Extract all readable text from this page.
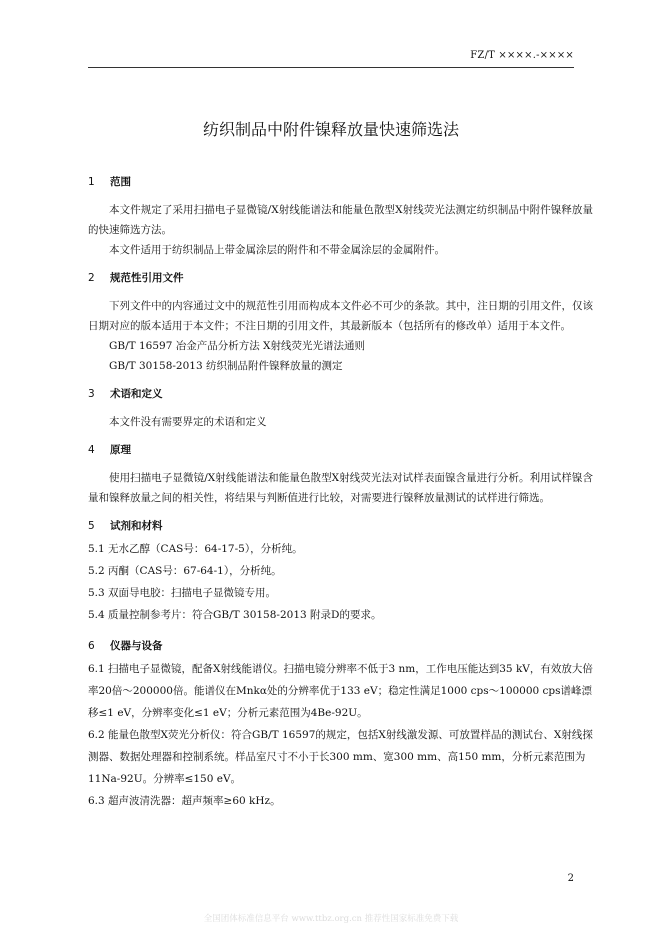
FZ/T ××××.-××××
纺织制品中附件镍释放量快速筛选法
1 范围

本文件规定了采用扫描电子显微镜/X射线能谱法和能量色散型X射线荧光法测定纺织制品中附件镍释放量的快速筛选方法。

本文件适用于纺织制品上带金属涂层的附件和不带金属涂层的金属附件。

2 规范性引用文件

下列文件中的内容通过文中的规范性引用而构成本文件必不可少的条款。其中，注日期的引用文件，仅该日期对应的版本适用于本文件；不注日期的引用文件，其最新版本（包括所有的修改单）适用于本文件。

GB/T 16597 冶金产品分析方法 X射线荧光光谱法通则

GB/T 30158-2013 纺织制品附件镍释放量的测定

3 术语和定义

本文件没有需要界定的术语和定义

4 原理

使用扫描电子显微镜/X射线能谱法和能量色散型X射线荧光法对试样表面镍含量进行分析。利用试样镍含量和镍释放量之间的相关性，将结果与判断值进行比较，对需要进行镍释放量测试的试样进行筛选。

5 试剂和材料

5.1 无水乙醇（CAS号：64-17-5），分析纯。

5.2 丙酮（CAS号：67-64-1），分析纯。

5.3 双面导电胶：扫描电子显微镜专用。

5.4 质量控制参考片：符合GB/T 30158-2013 附录D的要求。

6 仪器与设备

6.1 扫描电子显微镜，配备X射线能谱仪。扫描电镜分辨率不低于3 nm，工作电压能达到35 kV，有效放大倍率20倍～200000倍。能谱仪在Mnkα处的分辨率优于133 eV；稳定性满足1000 cps～100000 cps谱峰漂移≤1 eV，分辨率变化≤1 eV；分析元素范围为4Be-92U。

6.2 能量色散型X荧光分析仪：符合GB/T 16597的规定，包括X射线激发源、可放置样品的测试台、X射线探测器、数据处理器和控制系统。样品室尺寸不小于长300 mm、宽300 mm、高150 mm，分析元素范围为11Na-92U。分辨率≤150 eV。

6.3 超声波清洗器：超声频率≥60 kHz。

2
全国团体标准信息平台 www.ttbz.org.cn 推荐性国家标准免费下载
